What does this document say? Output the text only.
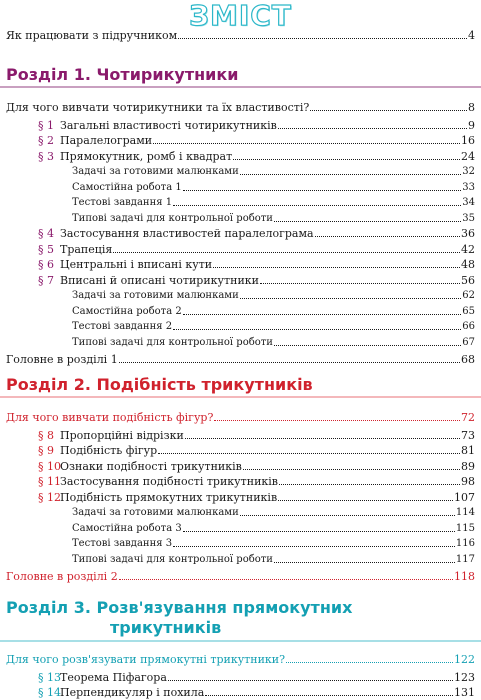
ЗМІСТ
Як працювати з підручником	4
Розділ 1. Чотирикутники
Для чого вивчати чотирикутники та їх властивості?	8
§ 1 Загальні властивості чотирикутників	9
§ 2 Паралелограми	16
§ 3 Прямокутник, ромб і квадрат	24
Задачі за готовими малюнками	32
Самостійна робота 1	33
Тестові завдання 1	34
Типові задачі для контрольної роботи	35
§ 4 Застосування властивостей паралелограма	36
§ 5 Трапеція	42
§ 6 Центральні і вписані кути	48
§ 7 Вписані й описані чотирикутники	56
Задачі за готовими малюнками	62
Самостійна робота 2	65
Тестові завдання 2	66
Типові задачі для контрольної роботи	67
Головне в розділі 1	68
Розділ 2. Подібність трикутників
Для чого вивчати подібність фігур?	72
§ 8 Пропорційні відрізки	73
§ 9 Подібність фігур	81
§ 10 Ознаки подібності трикутників	89
§ 11 Застосування подібності трикутників	98
§ 12 Подібність прямокутних трикутників	107
Задачі за готовими малюнками	114
Самостійна робота 3	115
Тестові завдання 3	116
Типові задачі для контрольної роботи	117
Головне в розділі 2	118
Розділ 3. Розв'язування прямокутних
трикутників
Для чого розв'язувати прямокутні трикутники?	122
§ 13 Теорема Піфагора	123
§ 14 Перпендикуляр і похила	131
